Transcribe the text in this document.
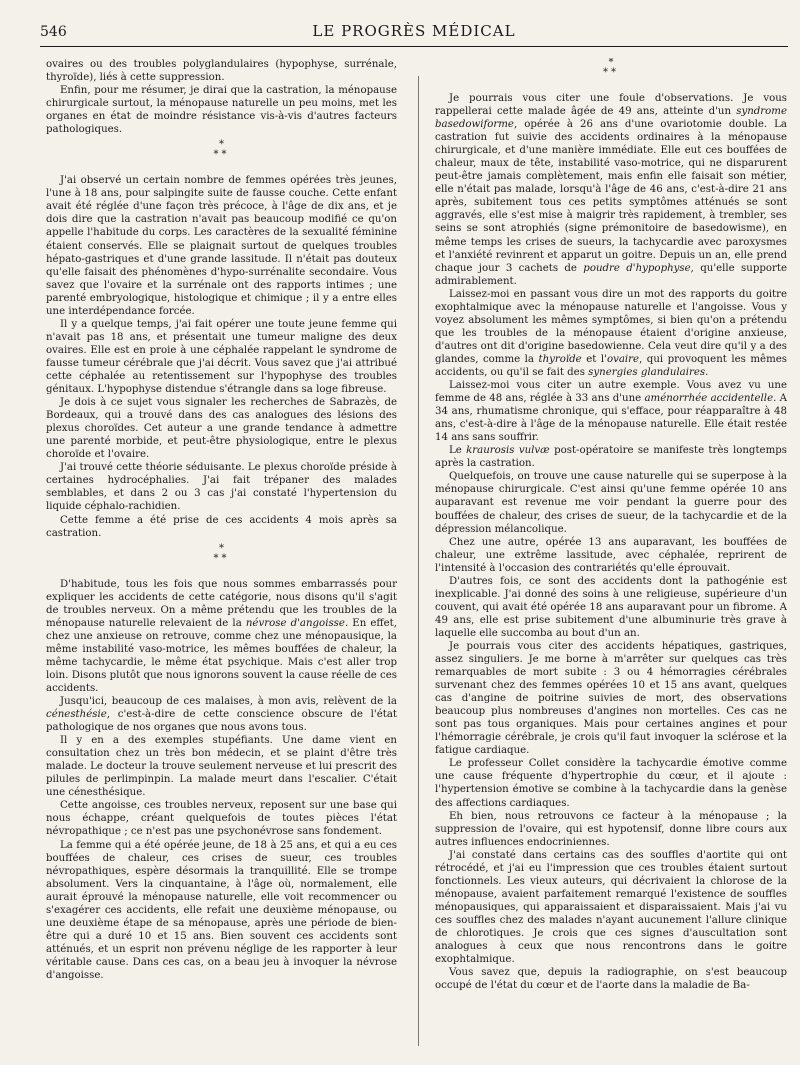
546	LE PROGRÈS MÉDICAL

ovaires ou des troubles polyglandulaires (hypophyse, surrénale, thyroïde), liés à cette suppression.

Enfin, pour me résumer, je dirai que la castration, la ménopause chirurgicale surtout, la ménopause naturelle un peu moins, met les organes en état de moindre résistance vis-à-vis d'autres facteurs pathologiques.

*
**

J'ai observé un certain nombre de femmes opérées très jeunes, l'une à 18 ans, pour salpingite suite de fausse couche. Cette enfant avait été réglée d'une façon très précoce, à l'âge de dix ans, et je dois dire que la castration n'avait pas beaucoup modifié ce qu'on appelle l'habitude du corps. Les caractères de la sexualité féminine étaient conservés. Elle se plaignait surtout de quelques troubles hépato-gastriques et d'une grande lassitude. Il n'était pas douteux qu'elle faisait des phénomènes d'hypo-surrénalite secondaire. Vous savez que l'ovaire et la surrénale ont des rapports intimes ; une parenté embryologique, histologique et chimique ; il y a entre elles une interdépendance forcée.

Il y a quelque temps, j'ai fait opérer une toute jeune femme qui n'avait pas 18 ans, et présentait une tumeur maligne des deux ovaires. Elle est en proie à une céphalée rappelant le syndrome de fausse tumeur cérébrale que j'ai décrit. Vous savez que j'ai attribué cette céphalée au retentissement sur l'hypophyse des troubles génitaux. L'hypophyse distendue s'étrangle dans sa loge fibreuse.

Je dois à ce sujet vous signaler les recherches de Sabrazès, de Bordeaux, qui a trouvé dans des cas analogues des lésions des plexus choroïdes. Cet auteur a une grande tendance à admettre une parenté morbide, et peut-être physiologique, entre le plexus choroïde et l'ovaire.

J'ai trouvé cette théorie séduisante. Le plexus choroïde préside à certaines hydrocéphalies. J'ai fait trépaner des malades semblables, et dans 2 ou 3 cas j'ai constaté l'hypertension du liquide céphalo-rachidien.

Cette femme a été prise de ces accidents 4 mois après sa castration.

*
**

D'habitude, tous les fois que nous sommes embarrassés pour expliquer les accidents de cette catégorie, nous disons qu'il s'agit de troubles nerveux. On a même prétendu que les troubles de la ménopause naturelle relevaient de la névrose d'angoisse. En effet, chez une anxieuse on retrouve, comme chez une ménopausique, la même instabilité vaso-motrice, les mêmes bouffées de chaleur, la même tachycardie, le même état psychique. Mais c'est aller trop loin. Disons plutôt que nous ignorons souvent la cause réelle de ces accidents.

Jusqu'ici, beaucoup de ces malaises, à mon avis, relèvent de la cénesthésie, c'est-à-dire de cette conscience obscure de l'état pathologique de nos organes que nous avons tous.

Il y en a des exemples stupéfiants. Une dame vient en consultation chez un très bon médecin, et se plaint d'être très malade. Le docteur la trouve seulement nerveuse et lui prescrit des pilules de perlimpinpin. La malade meurt dans l'escalier. C'était une cénesthésique.

Cette angoisse, ces troubles nerveux, reposent sur une base qui nous échappe, créant quelquefois de toutes pièces l'état névropathique ; ce n'est pas une psychonévrose sans fondement.

La femme qui a été opérée jeune, de 18 à 25 ans, et qui a eu ces bouffées de chaleur, ces crises de sueur, ces troubles névropathiques, espère désormais la tranquillité. Elle se trompe absolument. Vers la cinquantaine, à l'âge où, normalement, elle aurait éprouvé la ménopause naturelle, elle voit recommencer ou s'exagérer ces accidents, elle refait une deuxième ménopause, ou une deuxième étape de sa ménopause, après une période de bien-être qui a duré 10 et 15 ans. Bien souvent ces accidents sont atténués, et un esprit non prévenu néglige de les rapporter à leur véritable cause. Dans ces cas, on a beau jeu à invoquer la névrose d'angoisse.

*
**

Je pourrais vous citer une foule d'observations. Je vous rappellerai cette malade âgée de 49 ans, atteinte d'un syndrome basedowiforme, opérée à 26 ans d'une ovariotomie double. La castration fut suivie des accidents ordinaires à la ménopause chirurgicale, et d'une manière immédiate. Elle eut ces bouffées de chaleur, maux de tête, instabilité vaso-motrice, qui ne disparurent peut-être jamais complètement, mais enfin elle faisait son métier, elle n'était pas malade, lorsqu'à l'âge de 46 ans, c'est-à-dire 21 ans après, subitement tous ces petits symptômes atténués se sont aggravés, elle s'est mise à maigrir très rapidement, à trembler, ses seins se sont atrophiés (signe prémonitoire de basedowisme), en même temps les crises de sueurs, la tachycardie avec paroxysmes et l'anxiété revinrent et apparut un goitre. Depuis un an, elle prend chaque jour 3 cachets de poudre d'hypophyse, qu'elle supporte admirablement.

Laissez-moi en passant vous dire un mot des rapports du goitre exophtalmique avec la ménopause naturelle et l'angoisse. Vous y voyez absolument les mêmes symptômes, si bien qu'on a prétendu que les troubles de la ménopause étaient d'origine anxieuse, d'autres ont dit d'origine basedowienne. Cela veut dire qu'il y a des glandes, comme la thyroïde et l'ovaire, qui provoquent les mêmes accidents, ou qu'il se fait des synergies glandulaires.

Laissez-moi vous citer un autre exemple. Vous avez vu une femme de 48 ans, réglée à 33 ans d'une aménorrhée accidentelle. A 34 ans, rhumatisme chronique, qui s'efface, pour réapparaître à 48 ans, c'est-à-dire à l'âge de la ménopause naturelle. Elle était restée 14 ans sans souffrir.

Le kraurosis vulvæ post-opératoire se manifeste très longtemps après la castration.

Quelquefois, on trouve une cause naturelle qui se superpose à la ménopause chirurgicale. C'est ainsi qu'une femme opérée 10 ans auparavant est revenue me voir pendant la guerre pour des bouffées de chaleur, des crises de sueur, de la tachycardie et de la dépression mélancolique.

Chez une autre, opérée 13 ans auparavant, les bouffées de chaleur, une extrême lassitude, avec céphalée, reprirent de l'intensité à l'occasion des contrariétés qu'elle éprouvait.

D'autres fois, ce sont des accidents dont la pathogénie est inexplicable. J'ai donné des soins à une religieuse, supérieure d'un couvent, qui avait été opérée 18 ans auparavant pour un fibrome. A 49 ans, elle est prise subitement d'une albuminurie très grave à laquelle elle succomba au bout d'un an.

Je pourrais vous citer des accidents hépatiques, gastriques, assez singuliers. Je me borne à m'arrêter sur quelques cas très remarquables de mort subite : 3 ou 4 hémorragies cérébrales survenant chez des femmes opérées 10 et 15 ans avant, quelques cas d'angine de poitrine suivies de mort, des observations beaucoup plus nombreuses d'angines non mortelles. Ces cas ne sont pas tous organiques. Mais pour certaines angines et pour l'hémorragie cérébrale, je crois qu'il faut invoquer la sclérose et la fatigue cardiaque.

Le professeur Collet considère la tachycardie émotive comme une cause fréquente d'hypertrophie du cœur, et il ajoute : l'hypertension émotive se combine à la tachycardie dans la genèse des affections cardiaques.

Eh bien, nous retrouvons ce facteur à la ménopause ; la suppression de l'ovaire, qui est hypotensif, donne libre cours aux autres influences endocriniennes.

J'ai constaté dans certains cas des souffles d'aortite qui ont rétrocédé, et j'ai eu l'impression que ces troubles étaient surtout fonctionnels. Les vieux auteurs, qui décrivaient la chlorose de la ménopause, avaient parfaitement remarqué l'existence de souffles ménopausiques, qui apparaissaient et disparaissaient. Mais j'ai vu ces souffles chez des malades n'ayant aucunement l'allure clinique de chlorotiques. Je crois que ces signes d'auscultation sont analogues à ceux que nous rencontrons dans le goitre exophtalmique.

Vous savez que, depuis la radiographie, on s'est beaucoup occupé de l'état du cœur et de l'aorte dans la maladie de Ba-
